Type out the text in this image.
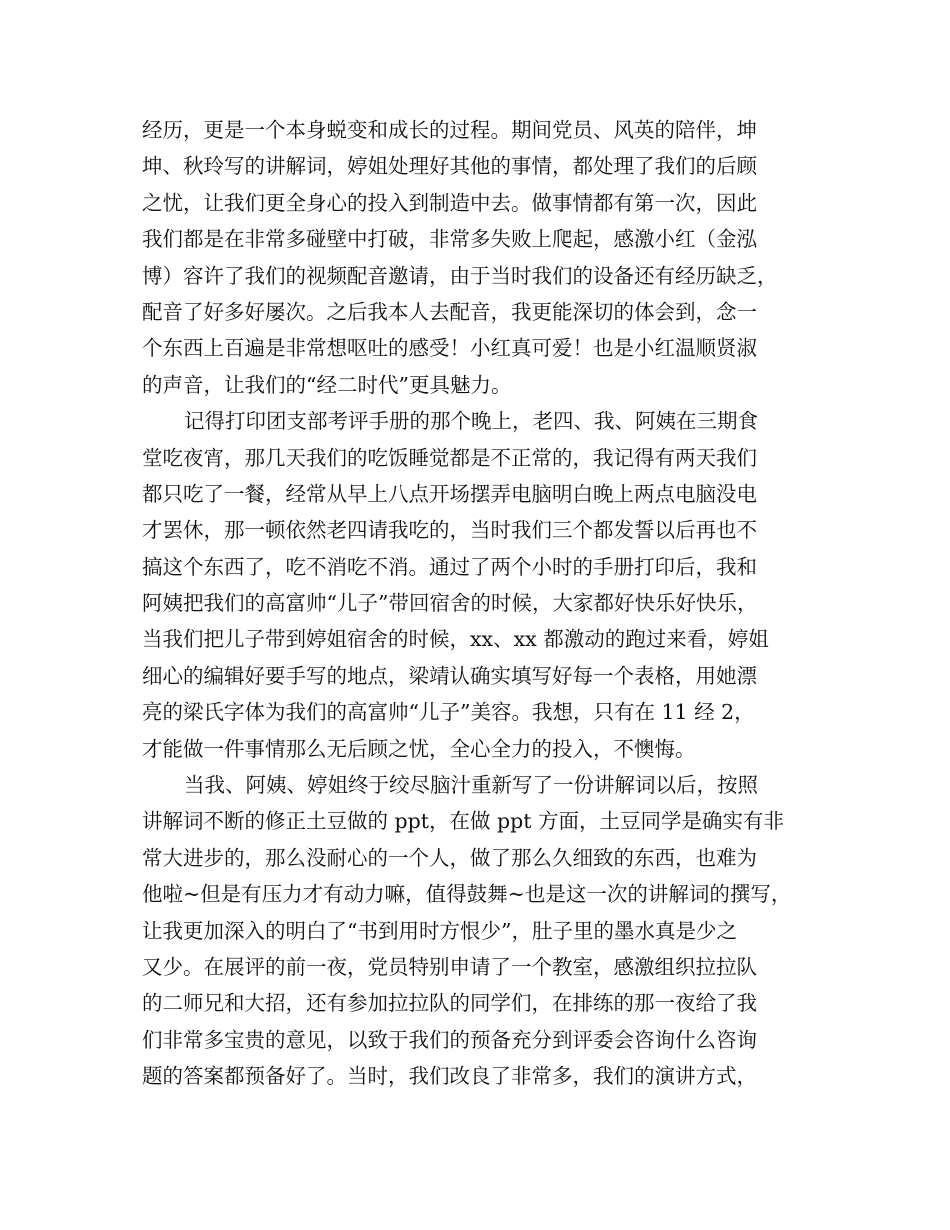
经历，更是一个本身蜕变和成长的过程。期间党员、风英的陪伴，坤
坤、秋玲写的讲解词，婷姐处理好其他的事情，都处理了我们的后顾
之忧，让我们更全身心的投入到制造中去。做事情都有第一次，因此
我们都是在非常多碰壁中打破，非常多失败上爬起，感激小红（金泓
博）容许了我们的视频配音邀请，由于当时我们的设备还有经历缺乏，
配音了好多好屡次。之后我本人去配音，我更能深切的体会到，念一
个东西上百遍是非常想呕吐的感受！小红真可爱！也是小红温顺贤淑
的声音，让我们的“经二时代”更具魅力。
记得打印团支部考评手册的那个晚上，老四、我、阿姨在三期食
堂吃夜宵，那几天我们的吃饭睡觉都是不正常的，我记得有两天我们
都只吃了一餐，经常从早上八点开场摆弄电脑明白晚上两点电脑没电
才罢休，那一顿依然老四请我吃的，当时我们三个都发誓以后再也不
搞这个东西了，吃不消吃不消。通过了两个小时的手册打印后，我和
阿姨把我们的高富帅“儿子”带回宿舍的时候，大家都好快乐好快乐，
当我们把儿子带到婷姐宿舍的时候，xx、xx 都激动的跑过来看，婷姐
细心的编辑好要手写的地点，梁靖认确实填写好每一个表格，用她漂
亮的梁氏字体为我们的高富帅“儿子”美容。我想，只有在 11 经 2，
才能做一件事情那么无后顾之忧，全心全力的投入，不懊悔。
当我、阿姨、婷姐终于绞尽脑汁重新写了一份讲解词以后，按照
讲解词不断的修正土豆做的 ppt，在做 ppt 方面，土豆同学是确实有非
常大进步的，那么没耐心的一个人，做了那么久细致的东西，也难为
他啦~但是有压力才有动力嘛，值得鼓舞~也是这一次的讲解词的撰写，
让我更加深入的明白了“书到用时方恨少”，肚子里的墨水真是少之
又少。在展评的前一夜，党员特别申请了一个教室，感激组织拉拉队
的二师兄和大招，还有参加拉拉队的同学们，在排练的那一夜给了我
们非常多宝贵的意见，以致于我们的预备充分到评委会咨询什么咨询
题的答案都预备好了。当时，我们改良了非常多，我们的演讲方式，
